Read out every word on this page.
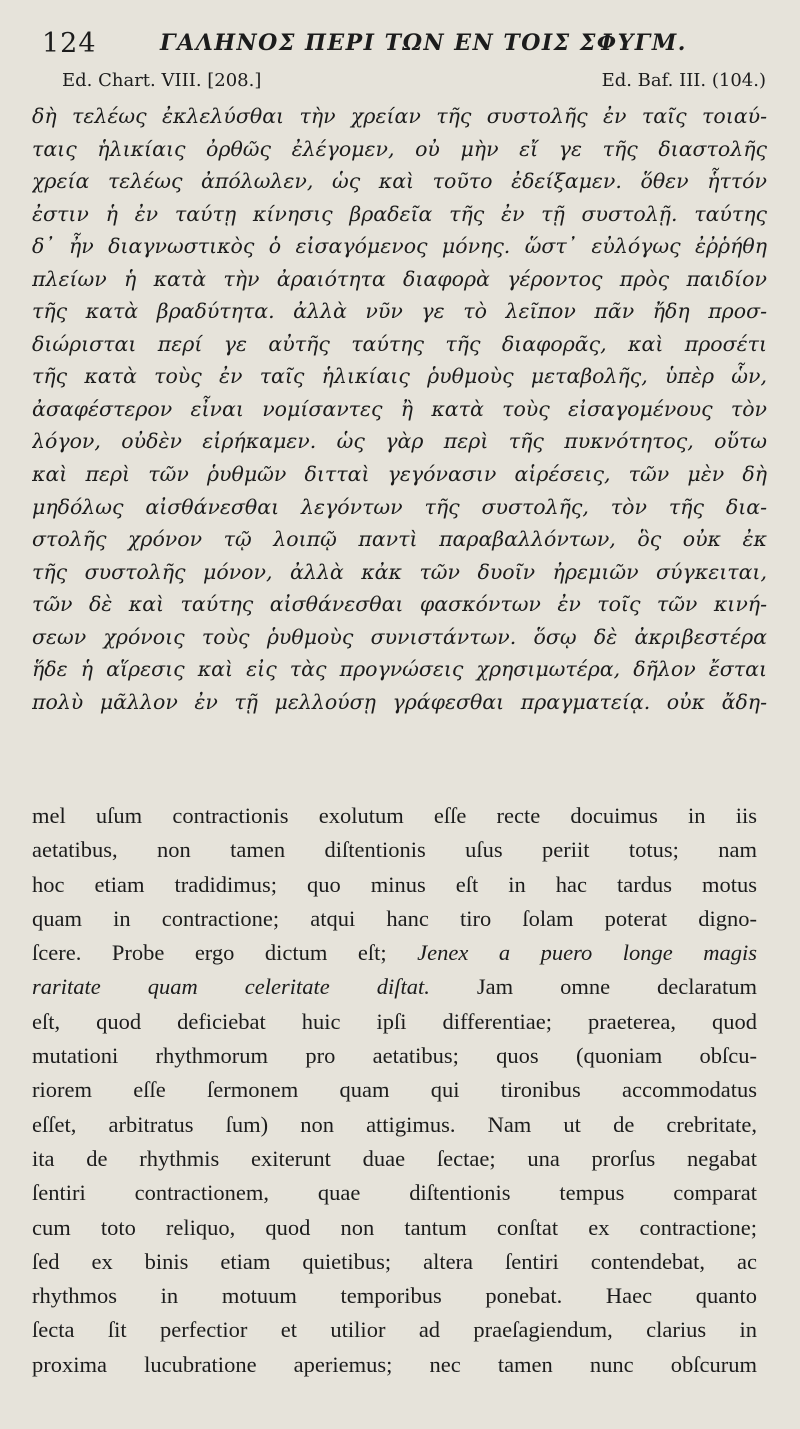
124	ΓΑΛΗΝΟΣ ΠΕΡΙ ΤΩΝ ΕΝ ΤΟΙΣ ΣΦΥΓΜ.
Ed. Chart. VIII. [208.]	Ed. Baf. III. (104.)
δὴ τελέως ἐκλελύσθαι τὴν χρείαν τῆς συστολῆς ἐν ταῖς τοιαύ-
ταις ἡλικίαις ὀρθῶς ἐλέγομεν, οὐ μὴν εἴ γε τῆς διαστολῆς
χρεία τελέως ἀπόλωλεν, ὡς καὶ τοῦτο ἐδείξαμεν. ὅθεν ἧττόν
ἐστιν ἡ ἐν ταύτῃ κίνησις βραδεῖα τῆς ἐν τῇ συστολῇ. ταύτης
δ᾽ ἦν διαγνωστικὸς ὁ εἰσαγόμενος μόνης. ὥστ᾽ εὐλόγως ἐῤῥήθη
πλείων ἡ κατὰ τὴν ἀραιότητα διαφορὰ γέροντος πρὸς παιδίον
τῆς κατὰ βραδύτητα. ἀλλὰ νῦν γε τὸ λεῖπον πᾶν ἤδη προσ-
διώρισται περί γε αὐτῆς ταύτης τῆς διαφορᾶς, καὶ προσέτι
τῆς κατὰ τοὺς ἐν ταῖς ἡλικίαις ῥυθμοὺς μεταβολῆς, ὑπὲρ ὧν,
ἀσαφέστερον εἶναι νομίσαντες ἢ κατὰ τοὺς εἰσαγομένους τὸν
λόγον, οὐδὲν εἰρήκαμεν. ὡς γὰρ περὶ τῆς πυκνότητος, οὕτω
καὶ περὶ τῶν ῥυθμῶν διτταὶ γεγόνασιν αἱρέσεις, τῶν μὲν δὴ
μηδόλως αἰσθάνεσθαι λεγόντων τῆς συστολῆς, τὸν τῆς δια-
στολῆς χρόνον τῷ λοιπῷ παντὶ παραβαλλόντων, ὃς οὐκ ἐκ
τῆς συστολῆς μόνον, ἀλλὰ κἀκ τῶν δυοῖν ἠρεμιῶν σύγκειται,
τῶν δὲ καὶ ταύτης αἰσθάνεσθαι φασκόντων ἐν τοῖς τῶν κινή-
σεων χρόνοις τοὺς ῥυθμοὺς συνιστάντων. ὅσῳ δὲ ἀκριβεστέρα
ἥδε ἡ αἵρεσις καὶ εἰς τὰς προγνώσεις χρησιμωτέρα, δῆλον ἔσται
πολὺ μᾶλλον ἐν τῇ μελλούσῃ γράφεσθαι πραγματείᾳ. οὐκ ἄδη-
mel uſum contractionis exolutum eſſe recte docuimus in iis
aetatibus, non tamen diſtentionis uſus periit totus; nam
hoc etiam tradidimus; quo minus eſt in hac tardus motus
quam in contractione; atqui hanc tiro ſolam poterat digno-
ſcere. Probe ergo dictum eſt; Jenex a puero longe magis
raritate quam celeritate diſtat. Jam omne declaratum
eſt, quod deficiebat huic ipſi differentiae; praeterea, quod
mutationi rhythmorum pro aetatibus; quos (quoniam obſcu-
riorem eſſe ſermonem quam qui tironibus accommodatus
eſſet, arbitratus ſum) non attigimus. Nam ut de crebritate,
ita de rhythmis exiterunt duae ſectae; una prorſus negabat
ſentiri contractionem, quae diſtentionis tempus comparat
cum toto reliquo, quod non tantum conſtat ex contractione;
ſed ex binis etiam quietibus; altera ſentiri contendebat, ac
rhythmos in motuum temporibus ponebat. Haec quanto
ſecta ſit perfectior et utilior ad praeſagiendum, clarius in
proxima lucubratione aperiemus; nec tamen nunc obſcurum
